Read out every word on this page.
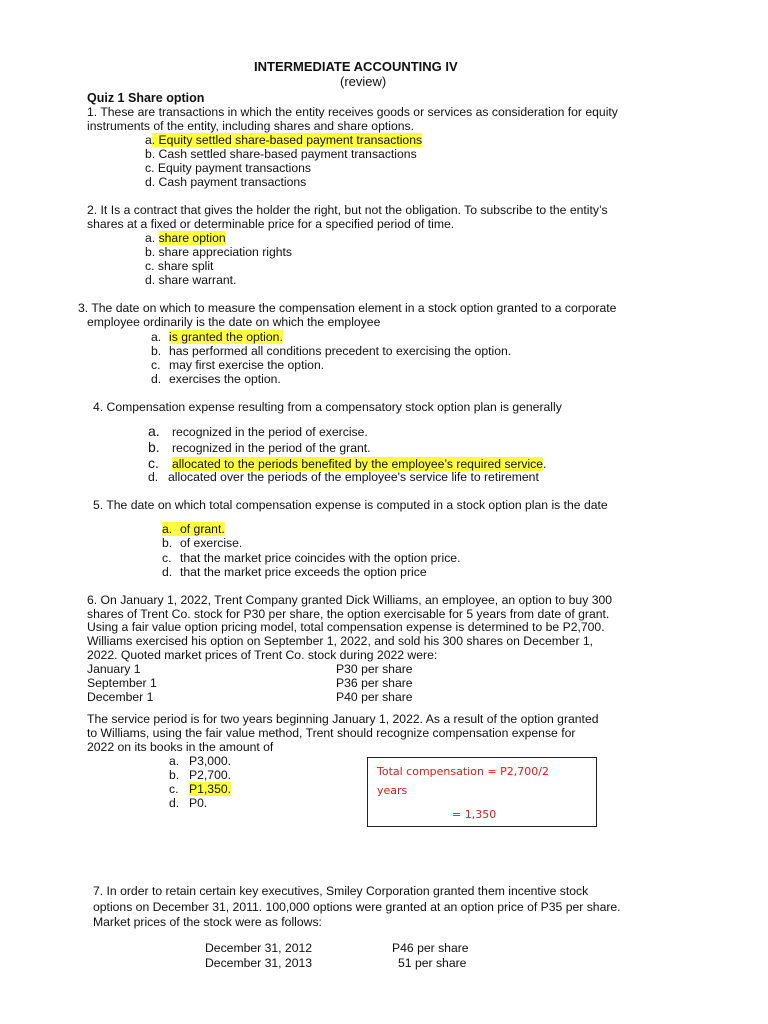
INTERMEDIATE ACCOUNTING IV
(review)
Quiz 1 Share option
1. These are transactions in which the entity receives goods or services as consideration for equity
instruments of the entity, including shares and share options.
a. Equity settled share-based payment transactions
b. Cash settled share-based payment transactions
c. Equity payment transactions
d. Cash payment transactions
2. It Is a contract that gives the holder the right, but not the obligation. To subscribe to the entity’s
shares at a fixed or determinable price for a specified period of time.
a. share option
b. share appreciation rights
c. share split
d. share warrant.
3. The date on which to measure the compensation element in a stock option granted to a corporate
employee ordinarily is the date on which the employee
a. is granted the option.
b. has performed all conditions precedent to exercising the option.
c. may first exercise the option.
d. exercises the option.
4. Compensation expense resulting from a compensatory stock option plan is generally
a. recognized in the period of exercise.
b. recognized in the period of the grant.
c. allocated to the periods benefited by the employee’s required service.
d. allocated over the periods of the employee's service life to retirement
5. The date on which total compensation expense is computed in a stock option plan is the date
a. of grant.
b. of exercise.
c. that the market price coincides with the option price.
d. that the market price exceeds the option price
6. On January 1, 2022, Trent Company granted Dick Williams, an employee, an option to buy 300
shares of Trent Co. stock for P30 per share, the option exercisable for 5 years from date of grant.
Using a fair value option pricing model, total compensation expense is determined to be P2,700.
Williams exercised his option on September 1, 2022, and sold his 300 shares on December 1,
2022. Quoted market prices of Trent Co. stock during 2022 were:
January 1	P30 per share
September 1	P36 per share
December 1	P40 per share
The service period is for two years beginning January 1, 2022. As a result of the option granted
to Williams, using the fair value method, Trent should recognize compensation expense for
2022 on its books in the amount of
a. P3,000.
b. P2,700.
c. P1,350.
d. P0.
Total compensation = P2,700/2
years
= 1,350
7. In order to retain certain key executives, Smiley Corporation granted them incentive stock
options on December 31, 2011. 100,000 options were granted at an option price of P35 per share.
Market prices of the stock were as follows:
December 31, 2012	P46 per share
December 31, 2013	51 per share
